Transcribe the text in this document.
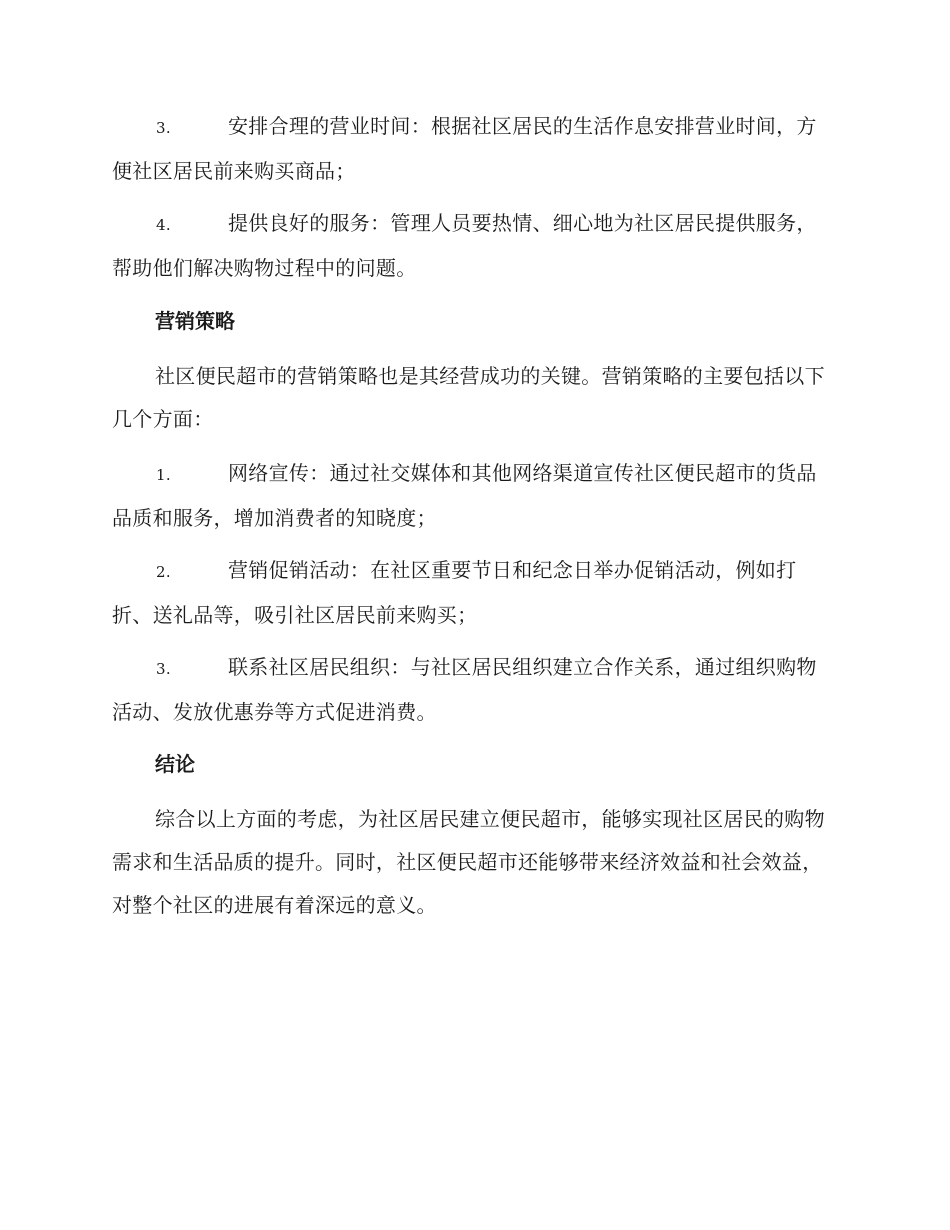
3.	安排合理的营业时间：根据社区居民的生活作息安排营业时间，方便社区居民前来购买商品；

4.	提供良好的服务：管理人员要热情、细心地为社区居民提供服务，帮助他们解决购物过程中的问题。

营销策略

社区便民超市的营销策略也是其经营成功的关键。营销策略的主要包括以下几个方面：

1.	网络宣传：通过社交媒体和其他网络渠道宣传社区便民超市的货品品质和服务，增加消费者的知晓度；

2.	营销促销活动：在社区重要节日和纪念日举办促销活动，例如打折、送礼品等，吸引社区居民前来购买；

3.	联系社区居民组织：与社区居民组织建立合作关系，通过组织购物活动、发放优惠券等方式促进消费。

结论

综合以上方面的考虑，为社区居民建立便民超市，能够实现社区居民的购物需求和生活品质的提升。同时，社区便民超市还能够带来经济效益和社会效益，对整个社区的进展有着深远的意义。
